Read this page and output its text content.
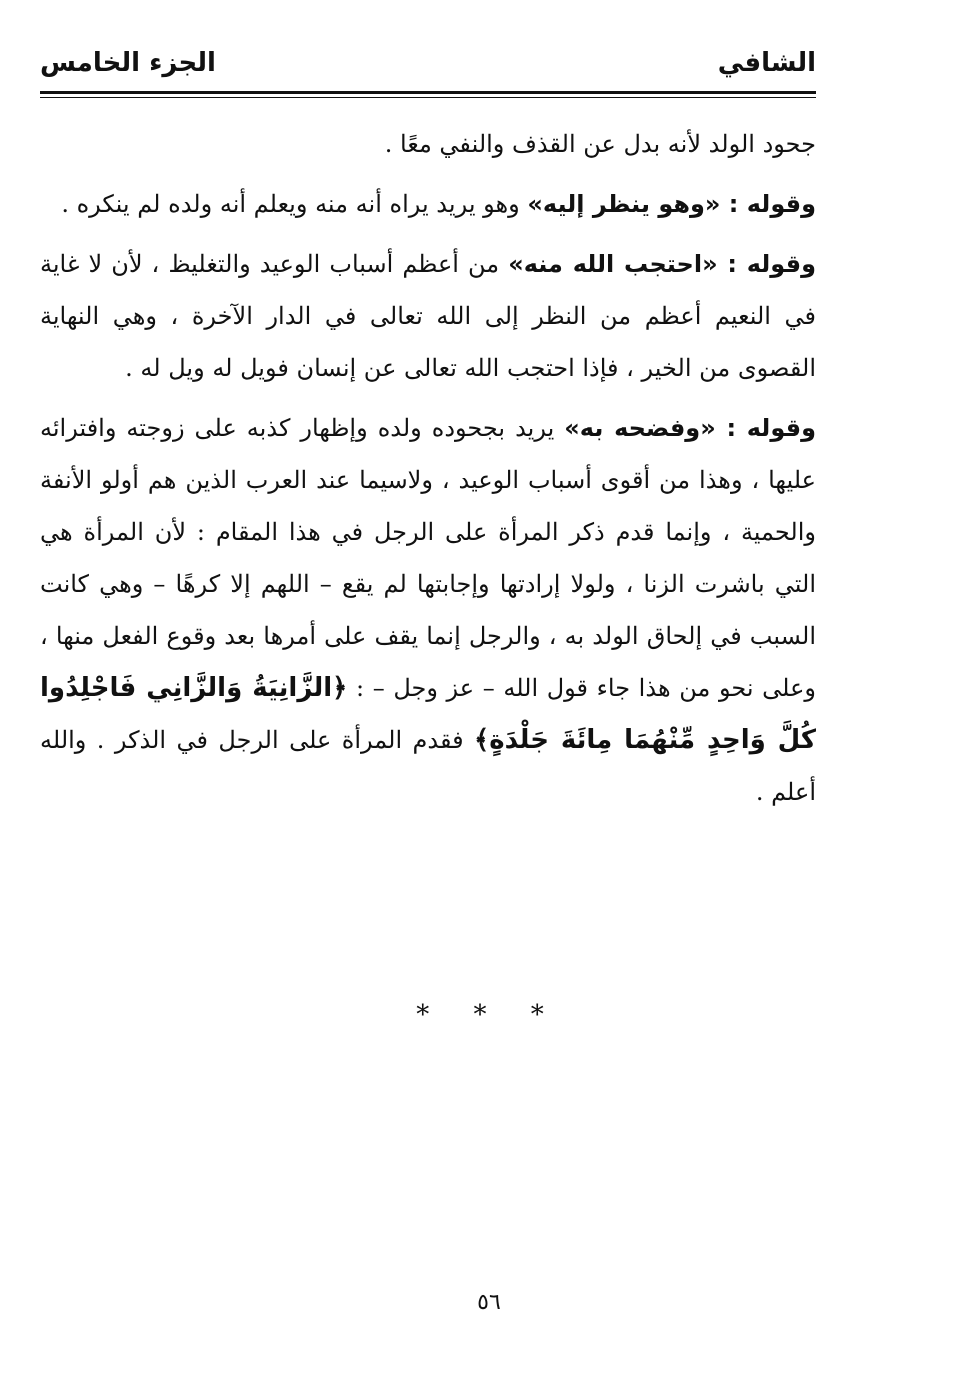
الشافي
الجزء الخامس

جحود الولد لأنه بدل عن القذف والنفي معًا .

وقوله : «وهو ينظر إليه» وهو يريد يراه أنه منه ويعلم أنه ولده لم ينكره .

وقوله : «احتجب الله منه» من أعظم أسباب الوعيد والتغليظ ، لأن لا غاية في النعيم أعظم من النظر إلى الله تعالى في الدار الآخرة ، وهي النهاية القصوى من الخير ، فإذا احتجب الله تعالى عن إنسان فويل له ويل له .

وقوله : «وفضحه به» يريد بجحوده ولده وإظهار كذبه على زوجته وافترائه عليها ، وهذا من أقوى أسباب الوعيد ، ولاسيما عند العرب الذين هم أولو الأنفة والحمية ، وإنما قدم ذكر المرأة على الرجل في هذا المقام : لأن المرأة هي التي باشرت الزنا ، ولولا إرادتها وإجابتها لم يقع – اللهم إلا كرهًا – وهي كانت السبب في إلحاق الولد به ، والرجل إنما يقف على أمرها بعد وقوع الفعل منها ، وعلى نحو من هذا جاء قول الله – عز وجل – : ﴿الزَّانِيَةُ وَالزَّانِي فَاجْلِدُوا كُلَّ وَاحِدٍ مِّنْهُمَا مِائَةَ جَلْدَةٍ﴾ فقدم المرأة على الرجل في الذكر . والله أعلم .

* * *
٥٦
